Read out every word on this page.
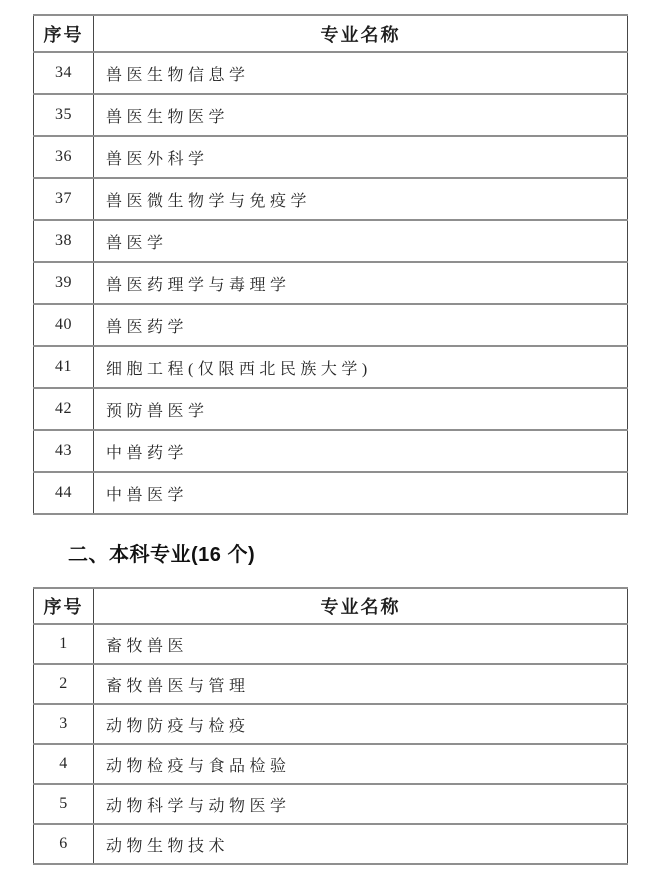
序号	专业名称
34	兽医生物信息学
35	兽医生物医学
36	兽医外科学
37	兽医微生物学与免疫学
38	兽医学
39	兽医药理学与毒理学
40	兽医药学
41	细胞工程(仅限西北民族大学)
42	预防兽医学
43	中兽药学
44	中兽医学
二、本科专业(16 个)
序号	专业名称
1	畜牧兽医
2	畜牧兽医与管理
3	动物防疫与检疫
4	动物检疫与食品检验
5	动物科学与动物医学
6	动物生物技术
